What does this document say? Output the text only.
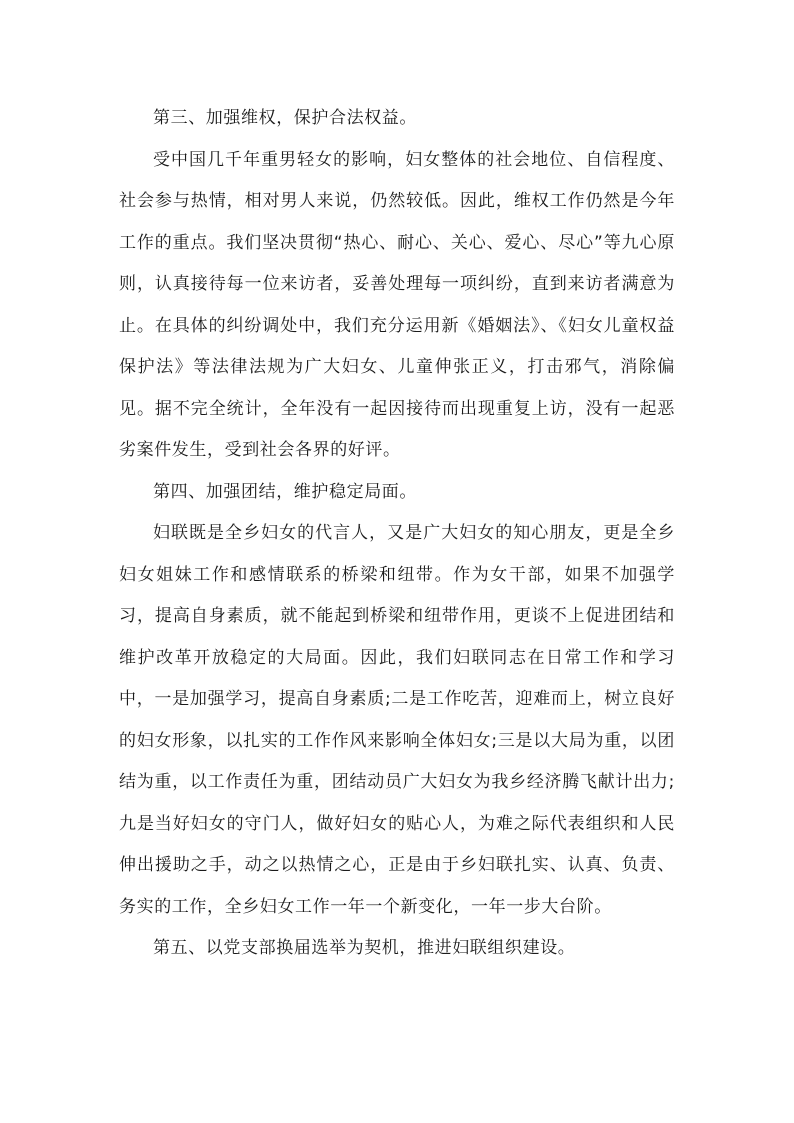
第三、加强维权，保护合法权益。

受中国几千年重男轻女的影响，妇女整体的社会地位、自信程度、社会参与热情，相对男人来说，仍然较低。因此，维权工作仍然是今年工作的重点。我们坚决贯彻“热心、耐心、关心、爱心、尽心”等九心原则，认真接待每一位来访者，妥善处理每一项纠纷，直到来访者满意为止。在具体的纠纷调处中，我们充分运用新《婚姻法》、《妇女儿童权益保护法》等法律法规为广大妇女、儿童伸张正义，打击邪气，消除偏见。据不完全统计，全年没有一起因接待而出现重复上访，没有一起恶劣案件发生，受到社会各界的好评。

第四、加强团结，维护稳定局面。

妇联既是全乡妇女的代言人，又是广大妇女的知心朋友，更是全乡妇女姐妹工作和感情联系的桥梁和纽带。作为女干部，如果不加强学习，提高自身素质，就不能起到桥梁和纽带作用，更谈不上促进团结和维护改革开放稳定的大局面。因此，我们妇联同志在日常工作和学习中，一是加强学习，提高自身素质;二是工作吃苦，迎难而上，树立良好的妇女形象，以扎实的工作作风来影响全体妇女;三是以大局为重，以团结为重，以工作责任为重，团结动员广大妇女为我乡经济腾飞献计出力;九是当好妇女的守门人，做好妇女的贴心人，为难之际代表组织和人民伸出援助之手，动之以热情之心，正是由于乡妇联扎实、认真、负责、务实的工作，全乡妇女工作一年一个新变化，一年一步大台阶。

第五、以党支部换届选举为契机，推进妇联组织建设。
